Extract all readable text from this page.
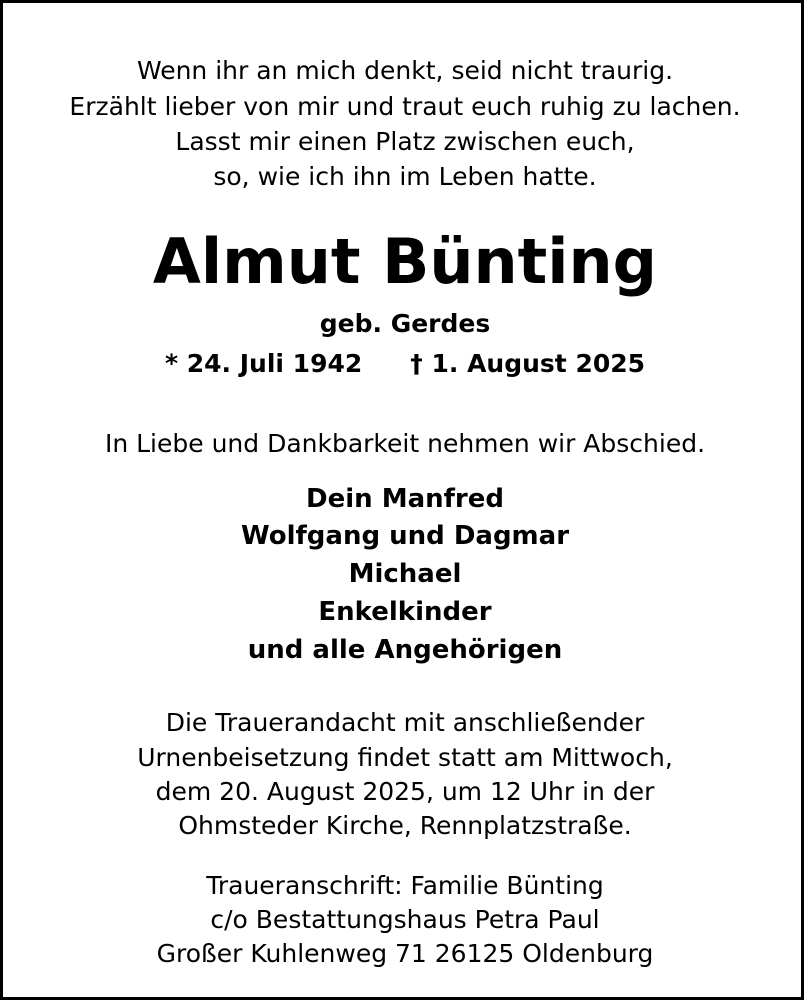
Wenn ihr an mich denkt, seid nicht traurig.
Erzählt lieber von mir und traut euch ruhig zu lachen.
Lasst mir einen Platz zwischen euch,
so, wie ich ihn im Leben hatte.
Almut Bünting
geb. Gerdes
* 24. Juli 1942 † 1. August 2025
In Liebe und Dankbarkeit nehmen wir Abschied.
Dein Manfred
Wolfgang und Dagmar
Michael
Enkelkinder
und alle Angehörigen
Die Trauerandacht mit anschließender
Urnenbeisetzung findet statt am Mittwoch,
dem 20. August 2025, um 12 Uhr in der
Ohmsteder Kirche, Rennplatzstraße.
Traueranschrift: Familie Bünting
c/o Bestattungshaus Petra Paul
Großer Kuhlenweg 71 26125 Oldenburg
